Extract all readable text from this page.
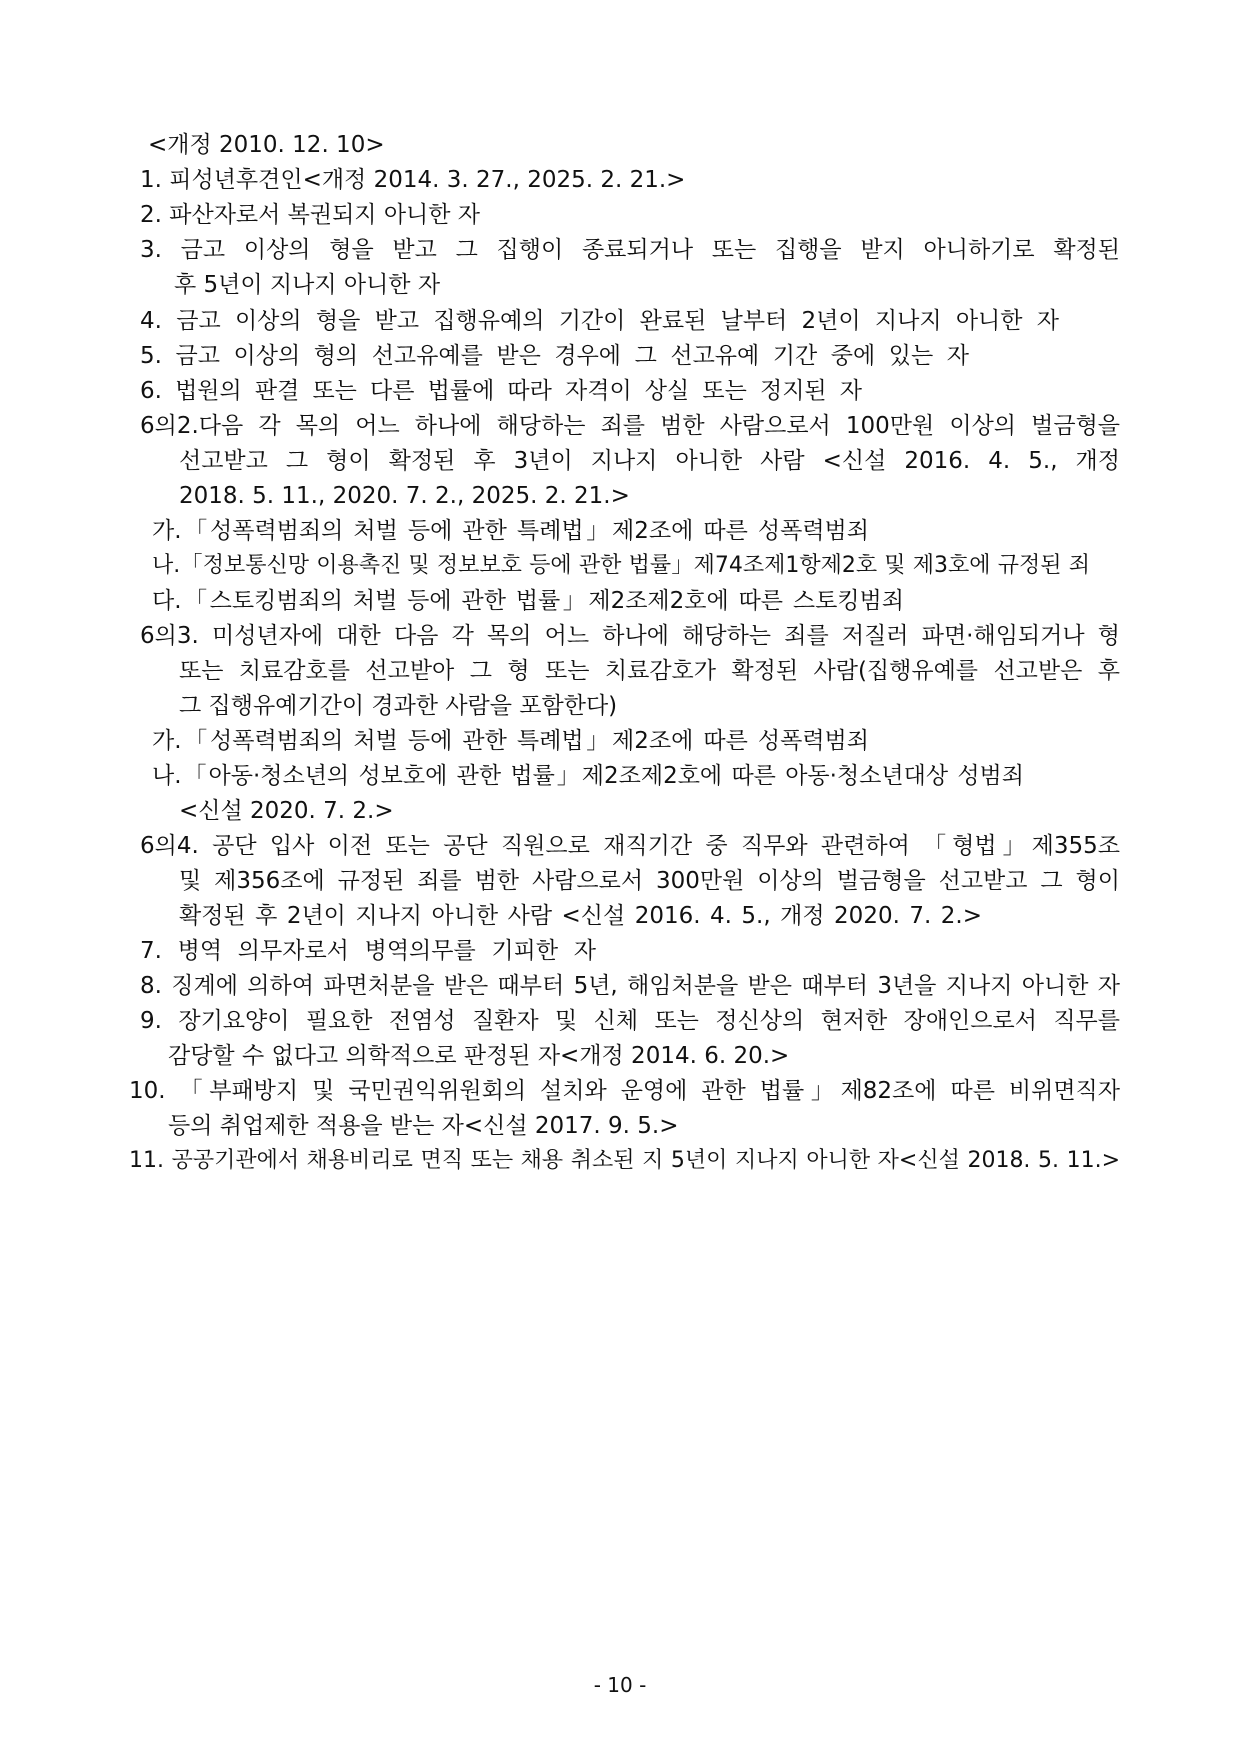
<개정 2010. 12. 10>
1. 피성년후견인<개정 2014. 3. 27., 2025. 2. 21.>
2. 파산자로서 복권되지 아니한 자
3. 금고 이상의 형을 받고 그 집행이 종료되거나 또는 집행을 받지 아니하기로 확정된
후 5년이 지나지 아니한 자
4. 금고 이상의 형을 받고 집행유예의 기간이 완료된 날부터 2년이 지나지 아니한 자
5. 금고 이상의 형의 선고유예를 받은 경우에 그 선고유예 기간 중에 있는 자
6. 법원의 판결 또는 다른 법률에 따라 자격이 상실 또는 정지된 자
6의2.다음 각 목의 어느 하나에 해당하는 죄를 범한 사람으로서 100만원 이상의 벌금형을
선고받고 그 형이 확정된 후 3년이 지나지 아니한 사람 <신설 2016. 4. 5., 개정
2018. 5. 11., 2020. 7. 2., 2025. 2. 21.>
가.「성폭력범죄의 처벌 등에 관한 특례법」제2조에 따른 성폭력범죄
나.「정보통신망 이용촉진 및 정보보호 등에 관한 법률」제74조제1항제2호 및 제3호에 규정된 죄
다.「스토킹범죄의 처벌 등에 관한 법률」제2조제2호에 따른 스토킹범죄
6의3. 미성년자에 대한 다음 각 목의 어느 하나에 해당하는 죄를 저질러 파면·해임되거나 형
또는 치료감호를 선고받아 그 형 또는 치료감호가 확정된 사람(집행유예를 선고받은 후
그 집행유예기간이 경과한 사람을 포함한다)
가.「성폭력범죄의 처벌 등에 관한 특례법」제2조에 따른 성폭력범죄
나.「아동·청소년의 성보호에 관한 법률」제2조제2호에 따른 아동·청소년대상 성범죄
<신설 2020. 7. 2.>
6의4. 공단 입사 이전 또는 공단 직원으로 재직기간 중 직무와 관련하여 「형법」제355조
및 제356조에 규정된 죄를 범한 사람으로서 300만원 이상의 벌금형을 선고받고 그 형이
확정된 후 2년이 지나지 아니한 사람 <신설 2016. 4. 5., 개정 2020. 7. 2.>
7. 병역 의무자로서 병역의무를 기피한 자
8. 징계에 의하여 파면처분을 받은 때부터 5년, 해임처분을 받은 때부터 3년을 지나지 아니한 자
9. 장기요양이 필요한 전염성 질환자 및 신체 또는 정신상의 현저한 장애인으로서 직무를
감당할 수 없다고 의학적으로 판정된 자<개정 2014. 6. 20.>
10. 「부패방지 및 국민권익위원회의 설치와 운영에 관한 법률」제82조에 따른 비위면직자
등의 취업제한 적용을 받는 자<신설 2017. 9. 5.>
11. 공공기관에서 채용비리로 면직 또는 채용 취소된 지 5년이 지나지 아니한 자<신설 2018. 5. 11.>
- 10 -
